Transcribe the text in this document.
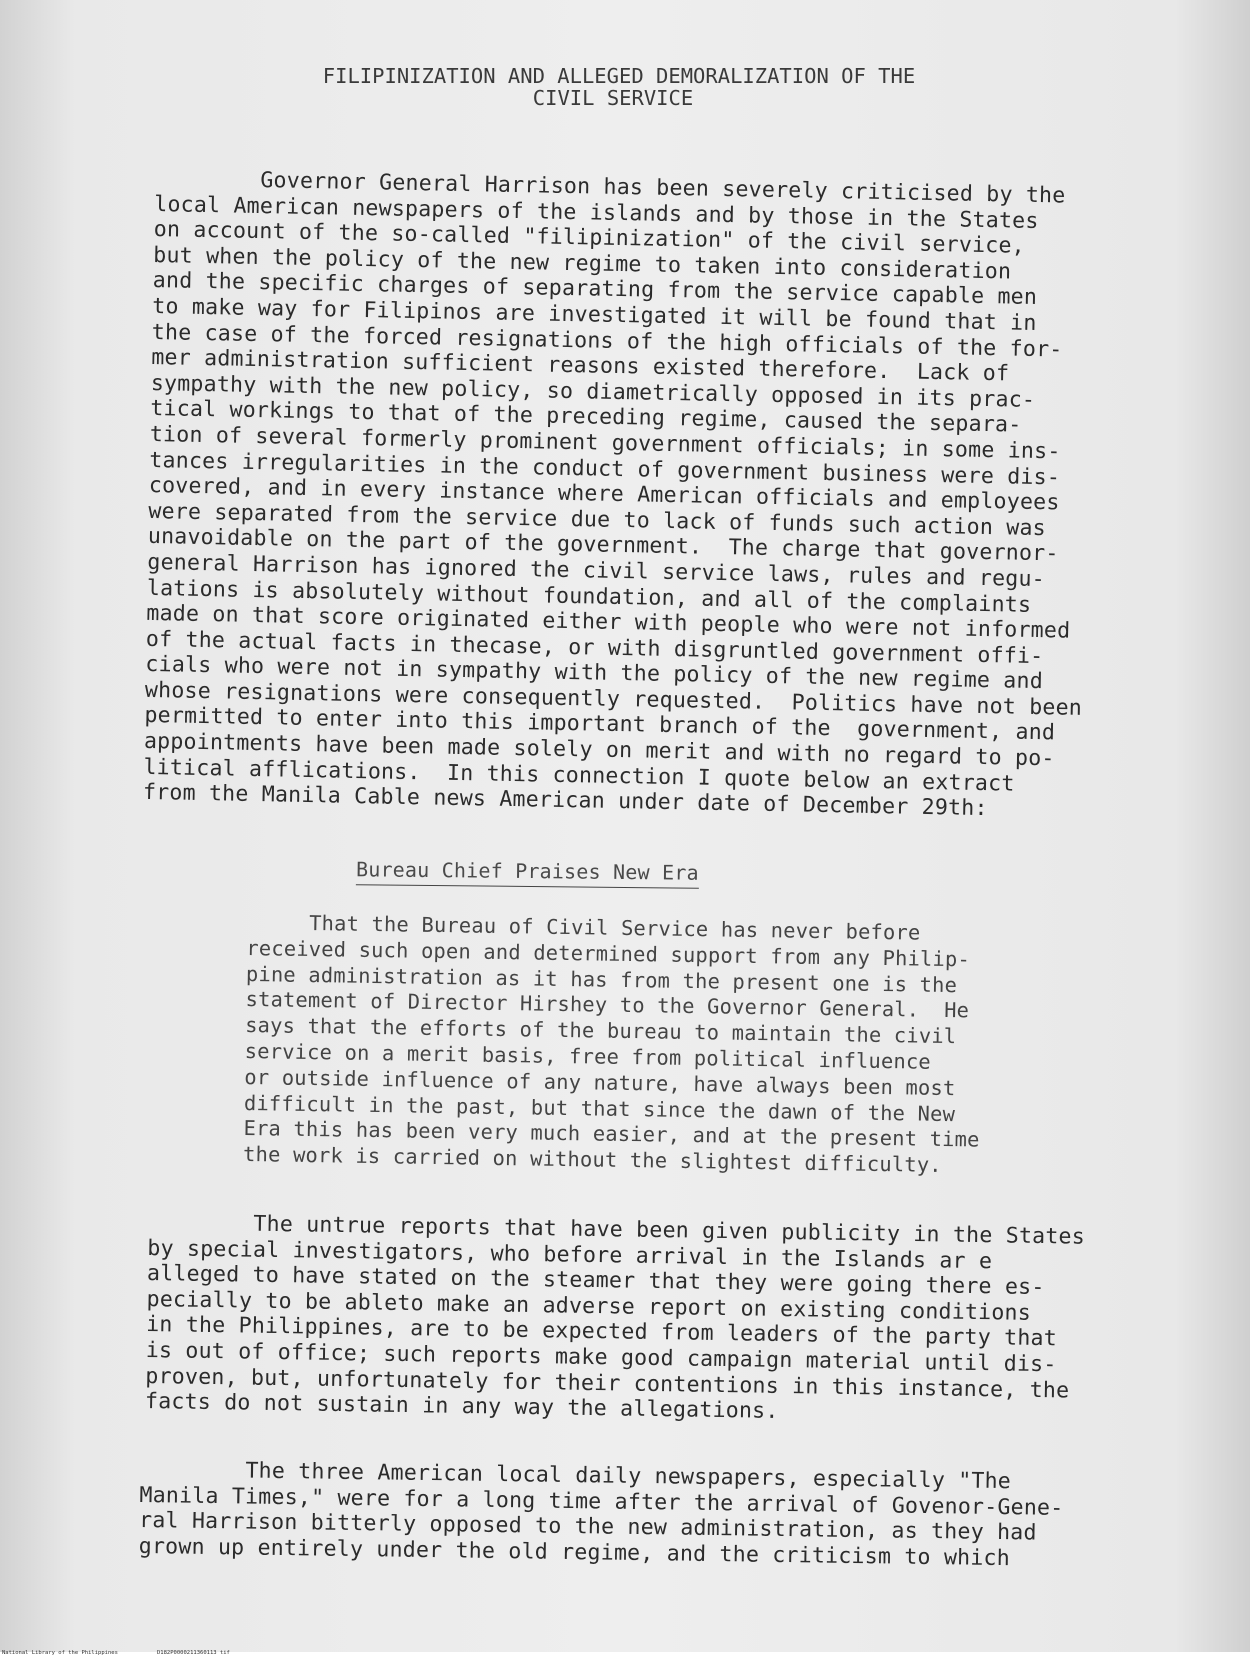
FILIPINIZATION AND ALLEGED DEMORALIZATION OF THE
CIVIL SERVICE
Governor General Harrison has been severely criticised by the
local American newspapers of the islands and by those in the States
on account of the so-called "filipinization" of the civil service,
but when the policy of the new regime to taken into consideration
and the specific charges of separating from the service capable men
to make way for Filipinos are investigated it will be found that in
the case of the forced resignations of the high officials of the for-
mer administration sufficient reasons existed therefore.  Lack of
sympathy with the new policy, so diametrically opposed in its prac-
tical workings to that of the preceding regime, caused the separa-
tion of several formerly prominent government officials; in some ins-
tances irregularities in the conduct of government business were dis-
covered, and in every instance where American officials and employees
were separated from the service due to lack of funds such action was
unavoidable on the part of the government.  The charge that governor-
general Harrison has ignored the civil service laws, rules and regu-
lations is absolutely without foundation, and all of the complaints
made on that score originated either with people who were not informed
of the actual facts in thecase, or with disgruntled government offi-
cials who were not in sympathy with the policy of the new regime and
whose resignations were consequently requested.  Politics have not been
permitted to enter into this important branch of the  government, and
appointments have been made solely on merit and with no regard to po-
litical afflications.  In this connection I quote below an extract
from the Manila Cable news American under date of December 29th:
Bureau Chief Praises New Era
That the Bureau of Civil Service has never before
received such open and determined support from any Philip-
pine administration as it has from the present one is the
statement of Director Hirshey to the Governor General.  He
says that the efforts of the bureau to maintain the civil
service on a merit basis, free from political influence
or outside influence of any nature, have always been most
difficult in the past, but that since the dawn of the New
Era this has been very much easier, and at the present time
the work is carried on without the slightest difficulty.
The untrue reports that have been given publicity in the States
by special investigators, who before arrival in the Islands ar e
alleged to have stated on the steamer that they were going there es-
pecially to be ableto make an adverse report on existing conditions
in the Philippines, are to be expected from leaders of the party that
is out of office; such reports make good campaign material until dis-
proven, but, unfortunately for their contentions in this instance, the
facts do not sustain in any way the allegations.
The three American local daily newspapers, especially "The
Manila Times," were for a long time after the arrival of Govenor-Gene-
ral Harrison bitterly opposed to the new administration, as they had
grown up entirely under the old regime, and the criticism to which
National Library of the Philippines	D182P0000211360113 tif
